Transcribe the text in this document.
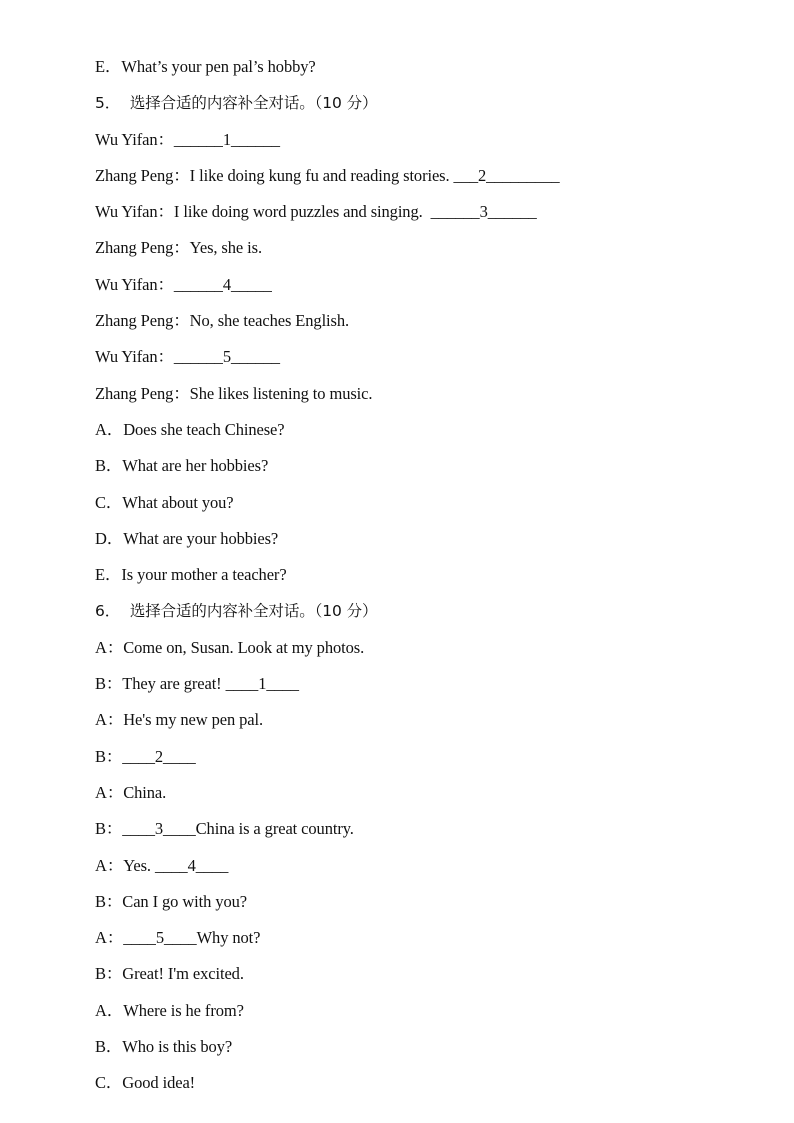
E．What’s your pen pal’s hobby?
5．  选择合适的内容补全对话。（10 分）
Wu Yifan：______1______
Zhang Peng：I like doing kung fu and reading stories. ___2_________
Wu Yifan：I like doing word puzzles and singing.  ______3______
Zhang Peng：Yes, she is.
Wu Yifan：______4_____
Zhang Peng：No, she teaches English.
Wu Yifan：______5______
Zhang Peng：She likes listening to music.
A．Does she teach Chinese?
B．What are her hobbies?
C．What about you?
D．What are your hobbies?
E．Is your mother a teacher?
6．  选择合适的内容补全对话。（10 分）
A：Come on, Susan. Look at my photos.
B：They are great! ____1____
A：He's my new pen pal.
B：____2____
A：China.
B：____3____China is a great country.
A：Yes. ____4____
B：Can I go with you?
A：____5____Why not?
B：Great! I'm excited.
A．Where is he from?
B．Who is this boy?
C．Good idea!
